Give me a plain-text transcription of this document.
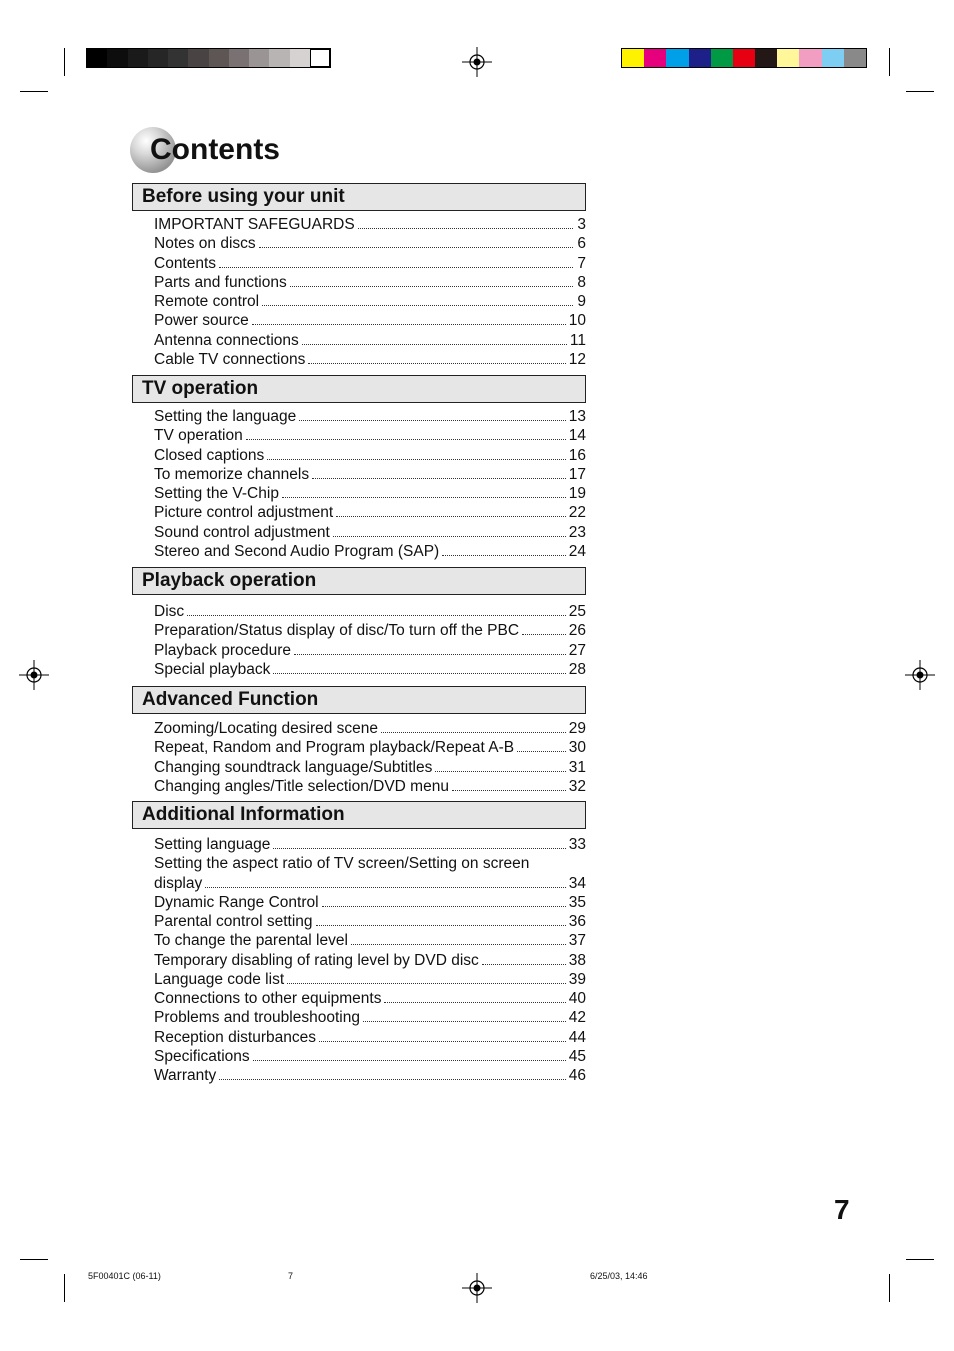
Contents
Before using your unit
IMPORTANT SAFEGUARDS	3
Notes on discs	6
Contents	7
Parts and functions	8
Remote control	9
Power source	10
Antenna connections	11
Cable TV connections	12
TV operation
Setting the language	13
TV operation	14
Closed captions	16
To memorize channels	17
Setting the V-Chip	19
Picture control adjustment	22
Sound control adjustment	23
Stereo and Second Audio Program (SAP)	24
Playback operation
Disc	25
Preparation/Status display of disc/To turn off the PBC	26
Playback procedure	27
Special playback	28
Advanced Function
Zooming/Locating desired scene	29
Repeat, Random and Program playback/Repeat A-B	30
Changing soundtrack language/Subtitles	31
Changing angles/Title selection/DVD menu	32
Additional Information
Setting language	33
Setting the aspect ratio of TV screen/Setting on screen
display	34
Dynamic Range Control	35
Parental control setting	36
To change the parental level	37
Temporary disabling of rating level by DVD disc	38
Language code list	39
Connections to other equipments	40
Problems and troubleshooting	42
Reception disturbances	44
Specifications	45
Warranty	46
7
5F00401C (06-11)	7	6/25/03, 14:46
